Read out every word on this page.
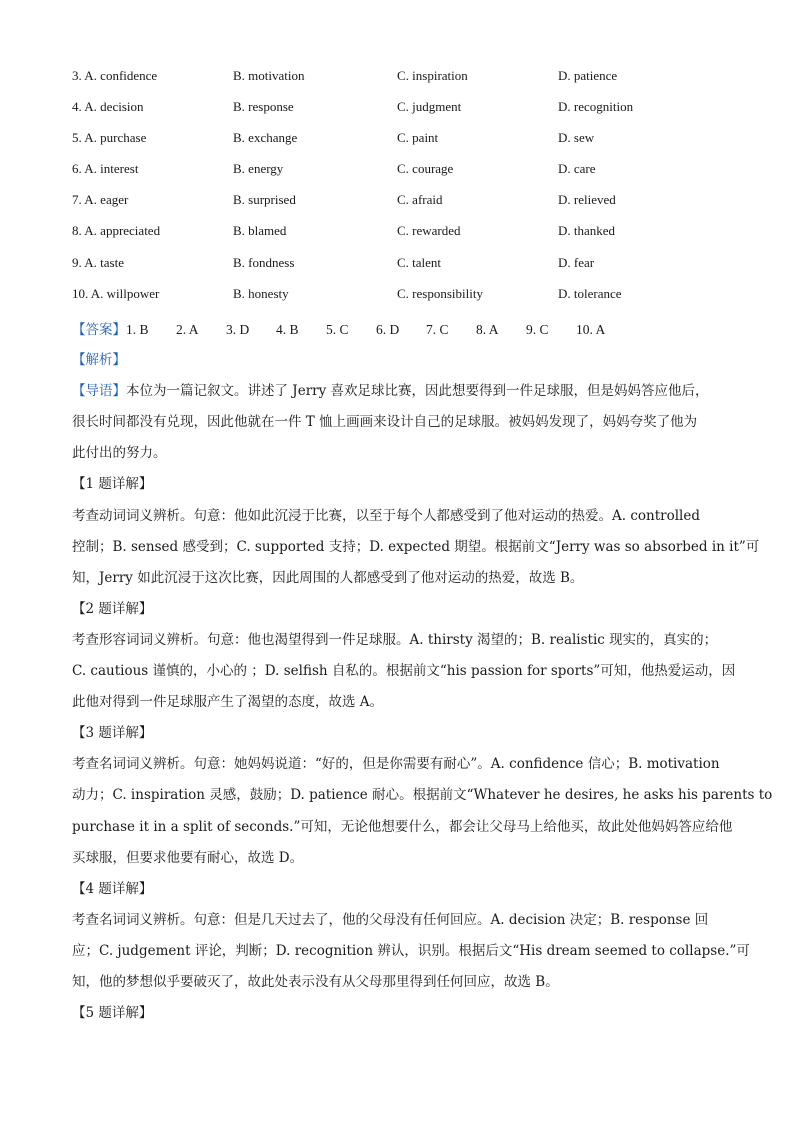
3. A. confidence	B. motivation	C. inspiration	D. patience
4. A. decision	B. response	C. judgment	D. recognition
5. A. purchase	B. exchange	C. paint	D. sew
6. A. interest	B. energy	C. courage	D. care
7. A. eager	B. surprised	C. afraid	D. relieved
8. A. appreciated	B. blamed	C. rewarded	D. thanked
9. A. taste	B. fondness	C. talent	D. fear
10. A. willpower	B. honesty	C. responsibility	D. tolerance
【答案】1. B 2. A 3. D 4. B 5. C 6. D 7. C 8. A 9. C 10. A
【解析】
【导语】本位为一篇记叙文。讲述了 Jerry 喜欢足球比赛，因此想要得到一件足球服，但是妈妈答应他后，
很长时间都没有兑现，因此他就在一件 T 恤上画画来设计自己的足球服。被妈妈发现了，妈妈夸奖了他为
此付出的努力。
【1 题详解】
考查动词词义辨析。句意：他如此沉浸于比赛，以至于每个人都感受到了他对运动的热爱。A. controlled
控制；B. sensed 感受到；C. supported 支持；D. expected 期望。根据前文“Jerry was so absorbed in it”可
知，Jerry 如此沉浸于这次比赛，因此周围的人都感受到了他对运动的热爱，故选 B。
【2 题详解】
考查形容词词义辨析。句意：他也渴望得到一件足球服。A. thirsty 渴望的；B. realistic 现实的，真实的；
C. cautious 谨慎的，小心的 ；D. selfish 自私的。根据前文“his passion for sports”可知，他热爱运动，因
此他对得到一件足球服产生了渴望的态度，故选 A。
【3 题详解】
考查名词词义辨析。句意：她妈妈说道：“好的，但是你需要有耐心”。A. confidence 信心；B. motivation
动力；C. inspiration 灵感，鼓励；D. patience 耐心。根据前文“Whatever he desires, he asks his parents to
purchase it in a split of seconds.”可知，无论他想要什么，都会让父母马上给他买，故此处他妈妈答应给他
买球服，但要求他要有耐心，故选 D。
【4 题详解】
考查名词词义辨析。句意：但是几天过去了，他的父母没有任何回应。A. decision 决定；B. response 回
应；C. judgement 评论，判断；D. recognition 辨认，识别。根据后文“His dream seemed to collapse.”可
知，他的梦想似乎要破灭了，故此处表示没有从父母那里得到任何回应，故选 B。
【5 题详解】
